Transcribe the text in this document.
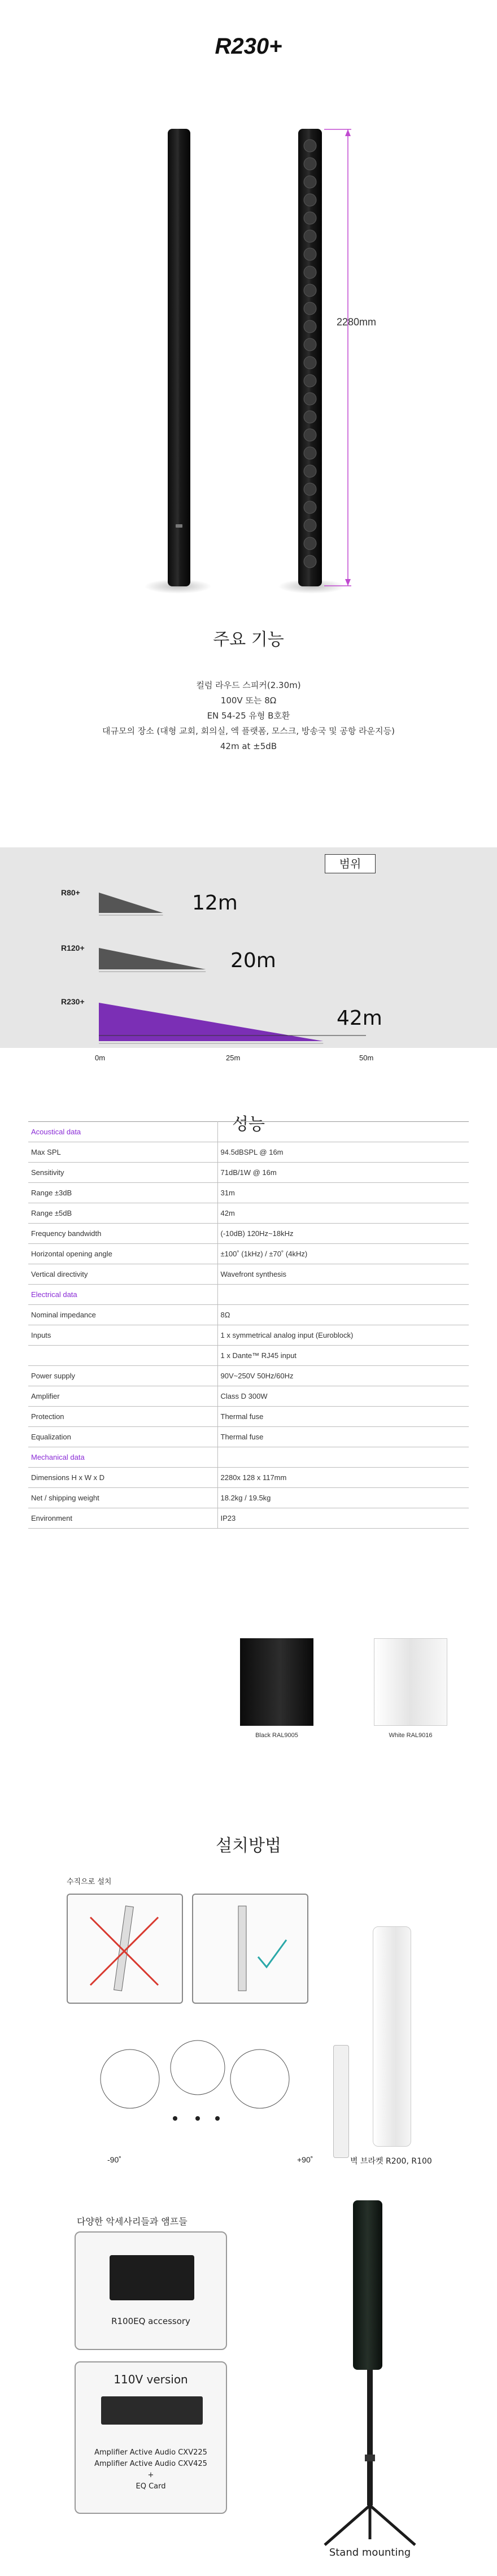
R230+
2280mm
주요 기능
컬럼 라우드 스피커(2.30m)
100V 또는 8Ω
EN 54-25 유형 B호환
대규모의 장소 (대형 교회, 회의실, 엑 플랫폼, 모스크, 방송국 및 공항 라운지등)
42m at ±5dB
범위
R80+	12m
R120+
20m
R230+
42m
0m	25m	50m
성능
Acoustical data	
Max SPL	94.5dBSPL @ 16m
Sensitivity	71dB/1W @ 16m
Range ±3dB	31m
Range ±5dB	42m
Frequency bandwidth	(-10dB) 120Hz~18kHz
Horizontal opening angle	±100˚ (1kHz) / ±70˚ (4kHz)
Vertical directivity	Wavefront synthesis
Electrical data	
Nominal impedance	8Ω
Inputs	1 x symmetrical analog input (Euroblock)
	1 x Dante™ RJ45 input
Power supply	90V~250V 50Hz/60Hz
Amplifier	Class D 300W
Protection	Thermal fuse
Equalization	Thermal fuse
Mechanical data	
Dimensions H x W x D	2280x 128 x 117mm
Net / shipping weight	18.2kg / 19.5kg
Environment	IP23
Black RAL9005	White RAL9016
설치방법
수직으로 설치
-90˚	+90˚	벽 브라켓 R200, R100
다양한 악세사리들과 앰프들
R100EQ accessory
110V version
Amplifier Active Audio CXV225
Amplifier Active Audio CXV425
+
EQ Card
Stand mounting
